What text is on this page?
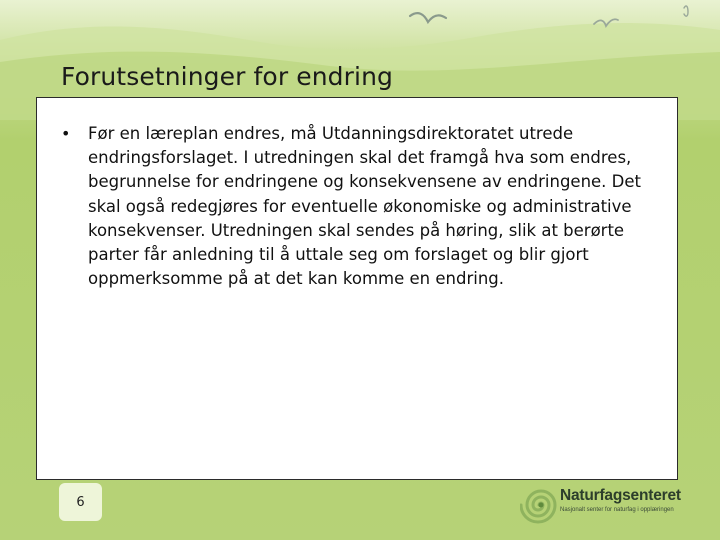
Forutsetninger for endring
• Før en læreplan endres, må Utdanningsdirektoratet utrede endringsforslaget. I utredningen skal det framgå hva som endres, begrunnelse for endringene og konsekvensene av endringene. Det skal også redegjøres for eventuelle økonomiske og administrative konsekvenser. Utredningen skal sendes på høring, slik at berørte parter får anledning til å uttale seg om forslaget og blir gjort oppmerksomme på at det kan komme en endring.
6	Naturfagsenteret
Nasjonalt senter for naturfag i opplæringen
